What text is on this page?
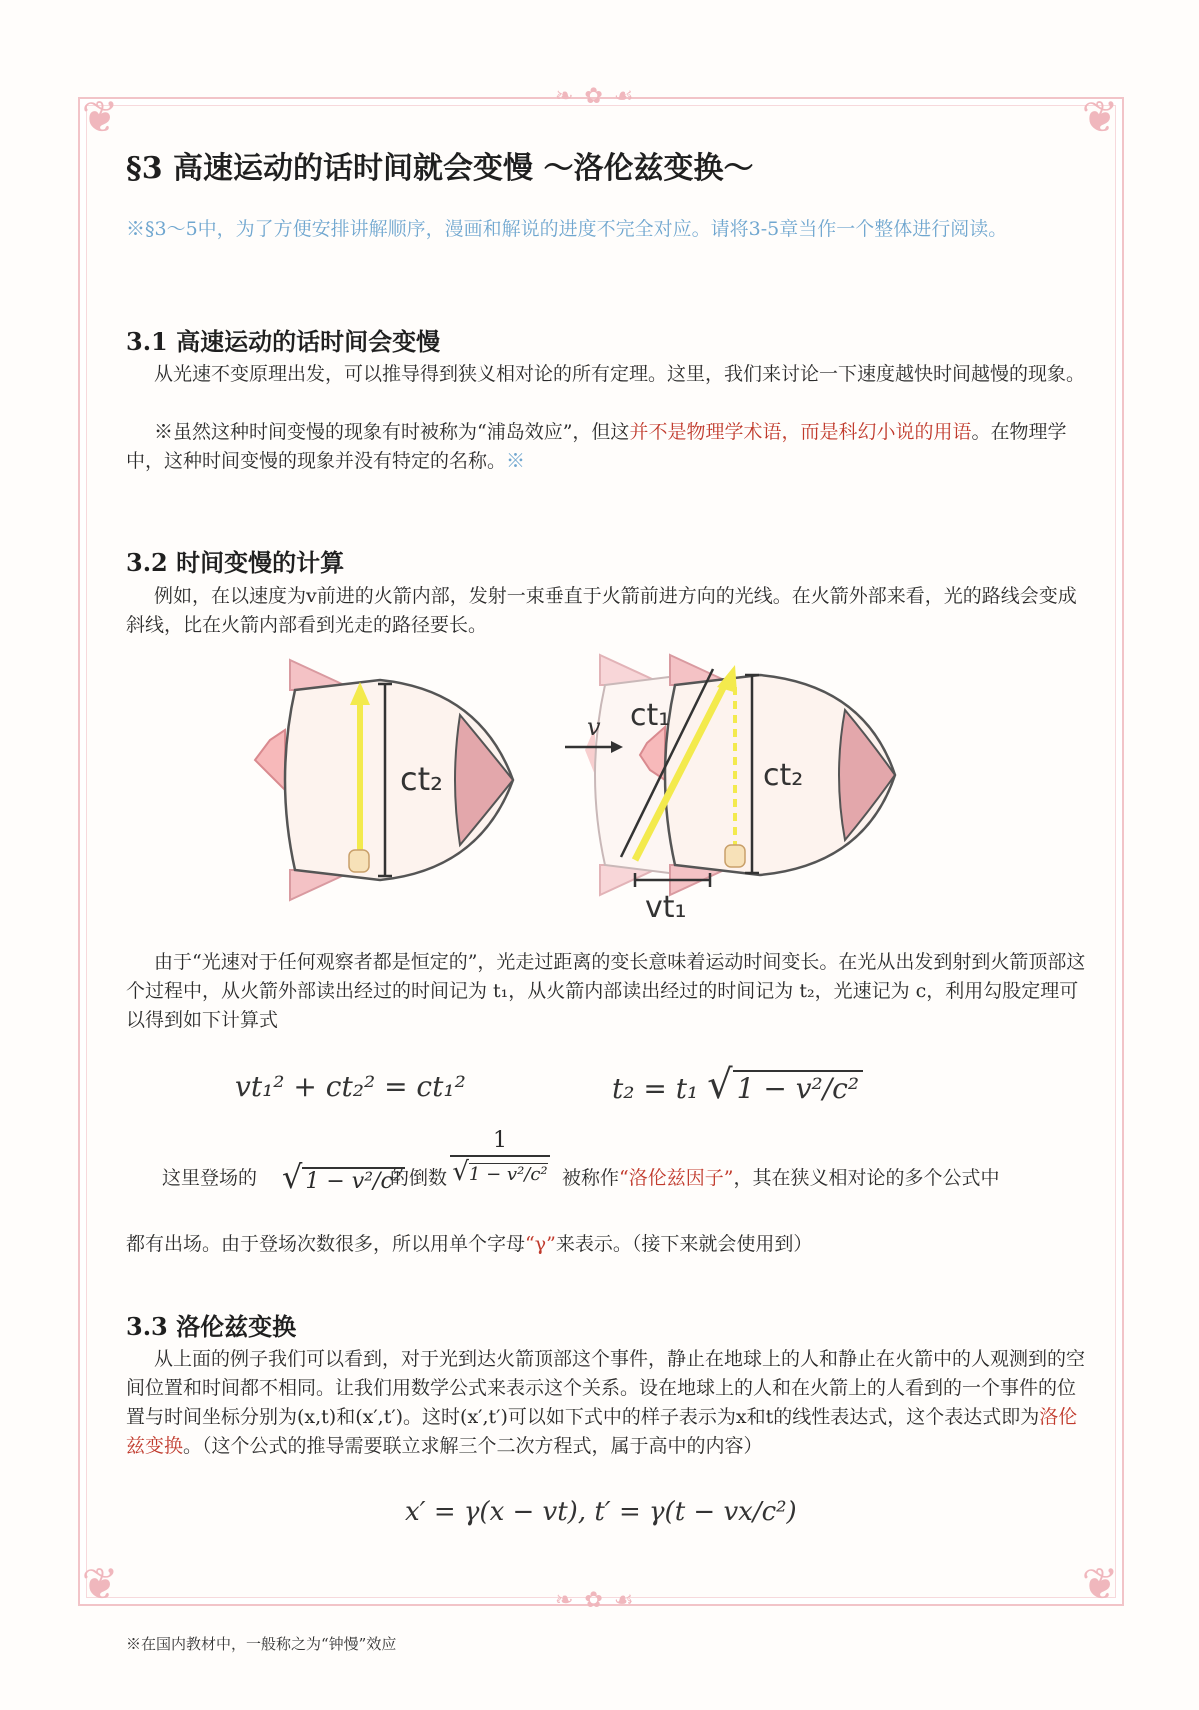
❦	❦
❦	❦
❧ ✿ ☙
❧ ✿ ☙
§3 高速运动的话时间就会变慢 ～洛伦兹变换～
※§3～5中，为了方便安排讲解顺序，漫画和解说的进度不完全对应。请将3-5章当作一个整体进行阅读。
3.1 高速运动的话时间会变慢
从光速不变原理出发，可以推导得到狭义相对论的所有定理。这里，我们来讨论一下速度越快时间越慢的现象。
※虽然这种时间变慢的现象有时被称为“浦岛效应”，但这并不是物理学术语，而是科幻小说的用语。在物理学中，这种时间变慢的现象并没有特定的名称。※
3.2 时间变慢的计算
例如，在以速度为v前进的火箭内部，发射一束垂直于火箭前进方向的光线。在火箭外部来看，光的路线会变成斜线，比在火箭内部看到光走的路径要长。
ct₂
v
vt₁
ct₁
ct₂
由于“光速对于任何观察者都是恒定的”，光走过距离的变长意味着运动时间变长。在光从出发到射到火箭顶部这个过程中，从火箭外部读出经过的时间记为 t₁，从火箭内部读出经过的时间记为 t₂，光速记为 c，利用勾股定理可以得到如下计算式
vt₁² + ct₂² = ct₁²	t₂ = t₁ √ 1 − v²/c²
这里登场的 √ 1 − v²/c²
的倒数
1
√1 − v²/c² 被称作“洛伦兹因子”，其在狭义相对论的多个公式中
都有出场。由于登场次数很多，所以用单个字母“γ”来表示。（接下来就会使用到）
3.3 洛伦兹变换
从上面的例子我们可以看到，对于光到达火箭顶部这个事件，静止在地球上的人和静止在火箭中的人观测到的空间位置和时间都不相同。让我们用数学公式来表示这个关系。设在地球上的人和在火箭上的人看到的一个事件的位置与时间坐标分别为(x,t)和(x′,t′)。这时(x′,t′)可以如下式中的样子表示为x和t的线性表达式，这个表达式即为洛伦兹变换。（这个公式的推导需要联立求解三个二次方程式，属于高中的内容）
x′ = γ(x − vt), t′ = γ(t − vx/c²)
※在国内教材中，一般称之为“钟慢”效应
